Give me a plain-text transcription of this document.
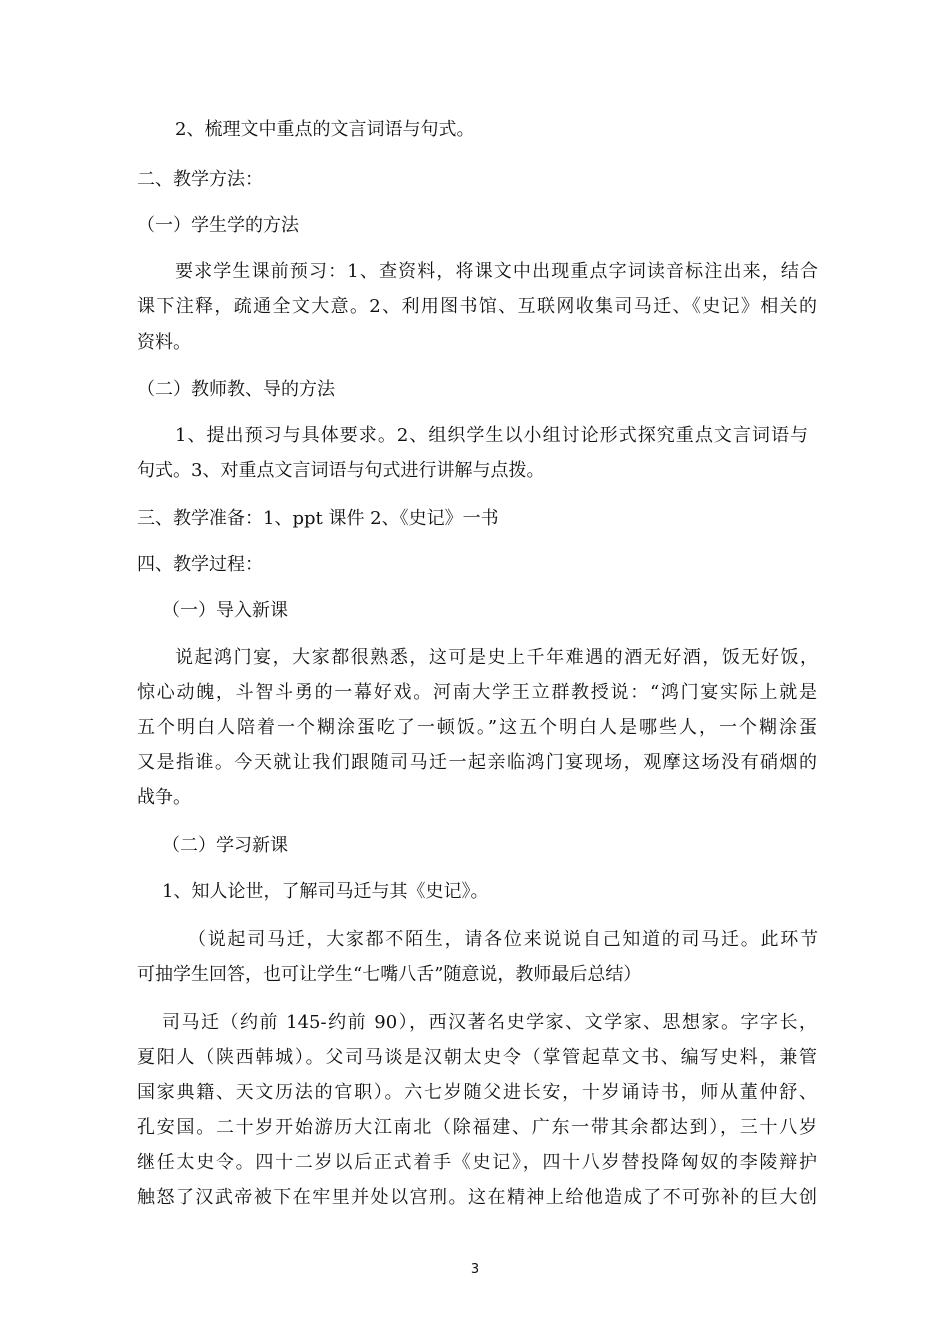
2、梳理文中重点的文言词语与句式。

二、教学方法：

（一）学生学的方法

要求学生课前预习：1、查资料，将课文中出现重点字词读音标注出来，结合

课下注释，疏通全文大意。2、利用图书馆、互联网收集司马迁、《史记》相关的

资料。

（二）教师教、导的方法

1、提出预习与具体要求。2、组织学生以小组讨论形式探究重点文言词语与

句式。3、对重点文言词语与句式进行讲解与点拨。

三、教学准备：1、ppt 课件 2、《史记》一书

四、教学过程：

（一）导入新课

说起鸿门宴，大家都很熟悉，这可是史上千年难遇的酒无好酒，饭无好饭，

惊心动魄，斗智斗勇的一幕好戏。河南大学王立群教授说：“鸿门宴实际上就是

五个明白人陪着一个糊涂蛋吃了一顿饭。”这五个明白人是哪些人，一个糊涂蛋

又是指谁。今天就让我们跟随司马迁一起亲临鸿门宴现场，观摩这场没有硝烟的

战争。

（二）学习新课

1、知人论世，了解司马迁与其《史记》。

（说起司马迁，大家都不陌生，请各位来说说自己知道的司马迁。此环节

可抽学生回答，也可让学生“七嘴八舌”随意说，教师最后总结）

司马迁（约前 145-约前 90），西汉著名史学家、文学家、思想家。字字长，

夏阳人（陕西韩城）。父司马谈是汉朝太史令（掌管起草文书、编写史料，兼管

国家典籍、天文历法的官职）。六七岁随父进长安，十岁诵诗书，师从董仲舒、

孔安国。二十岁开始游历大江南北（除福建、广东一带其余都达到），三十八岁

继任太史令。四十二岁以后正式着手《史记》，四十八岁替投降匈奴的李陵辩护

触怒了汉武帝被下在牢里并处以宫刑。这在精神上给他造成了不可弥补的巨大创

3
